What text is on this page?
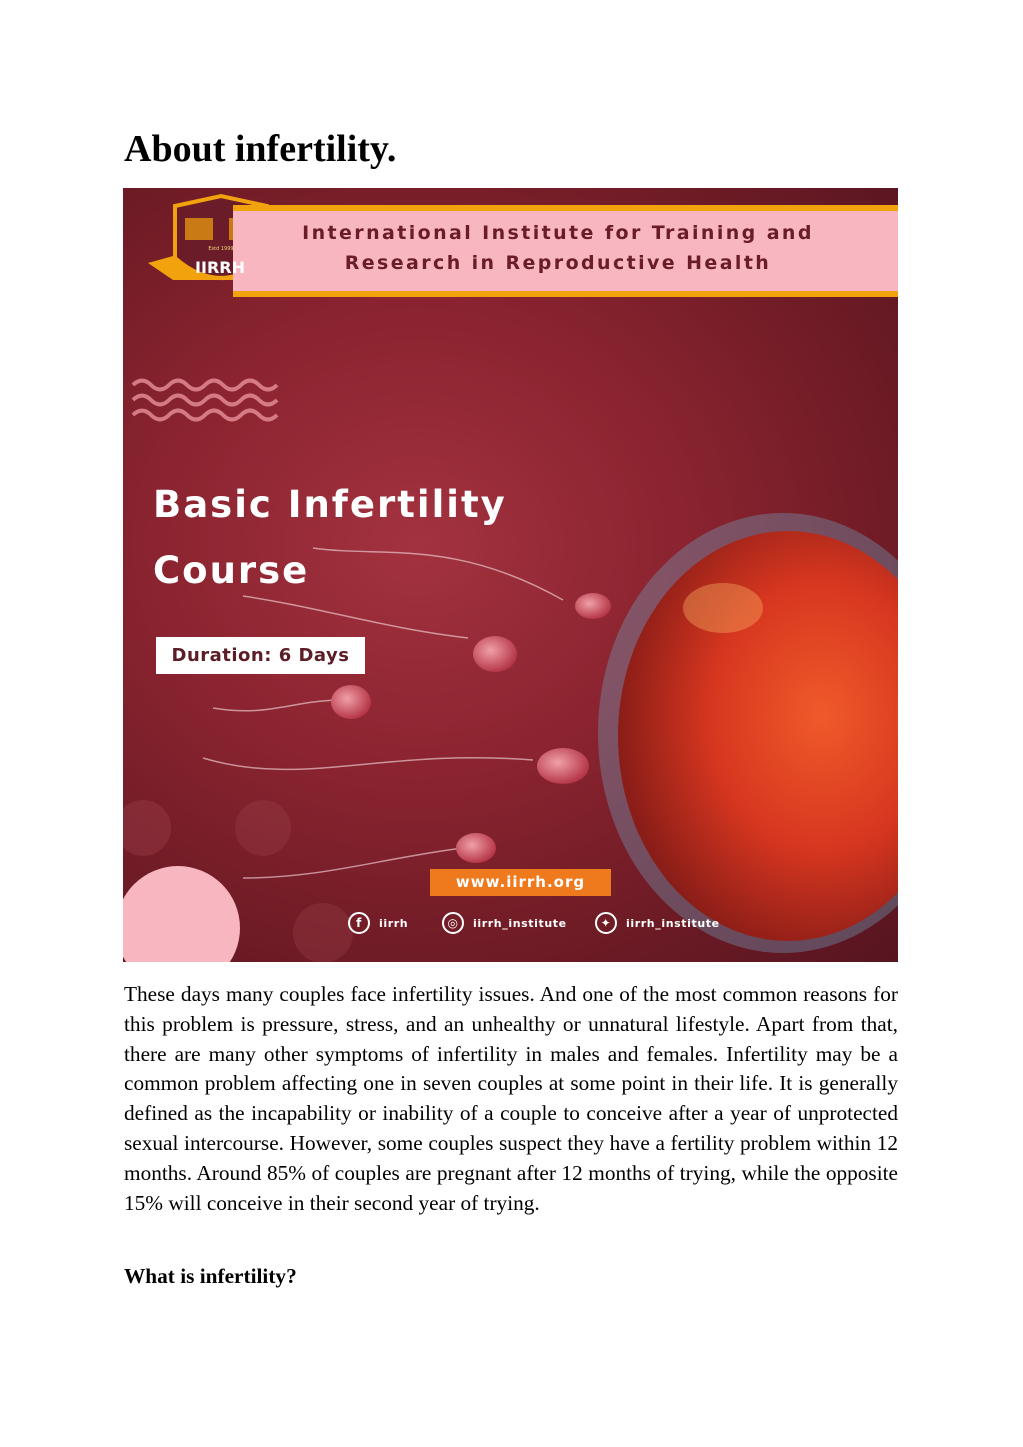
About infertility.
International Institute for Training and
Research in Reproductive Health
Estd 1999
IIRRH
Basic Infertility
Course
Duration: 6 Days
www.iirrh.org
f	iirrh	◎	iirrh_institute	✦	iirrh_institute

These days many couples face infertility issues. And one of the most common reasons for this problem is pressure, stress, and an unhealthy or unnatural lifestyle. Apart from that, there are many other symptoms of infertility in males and females. Infertility may be a common problem affecting one in seven couples at some point in their life. It is generally defined as the incapability or inability of a couple to conceive after a year of unprotected sexual intercourse. However, some couples suspect they have a fertility problem within 12 months. Around 85% of couples are pregnant after 12 months of trying, while the opposite 15% will conceive in their second year of trying.

What is infertility?
